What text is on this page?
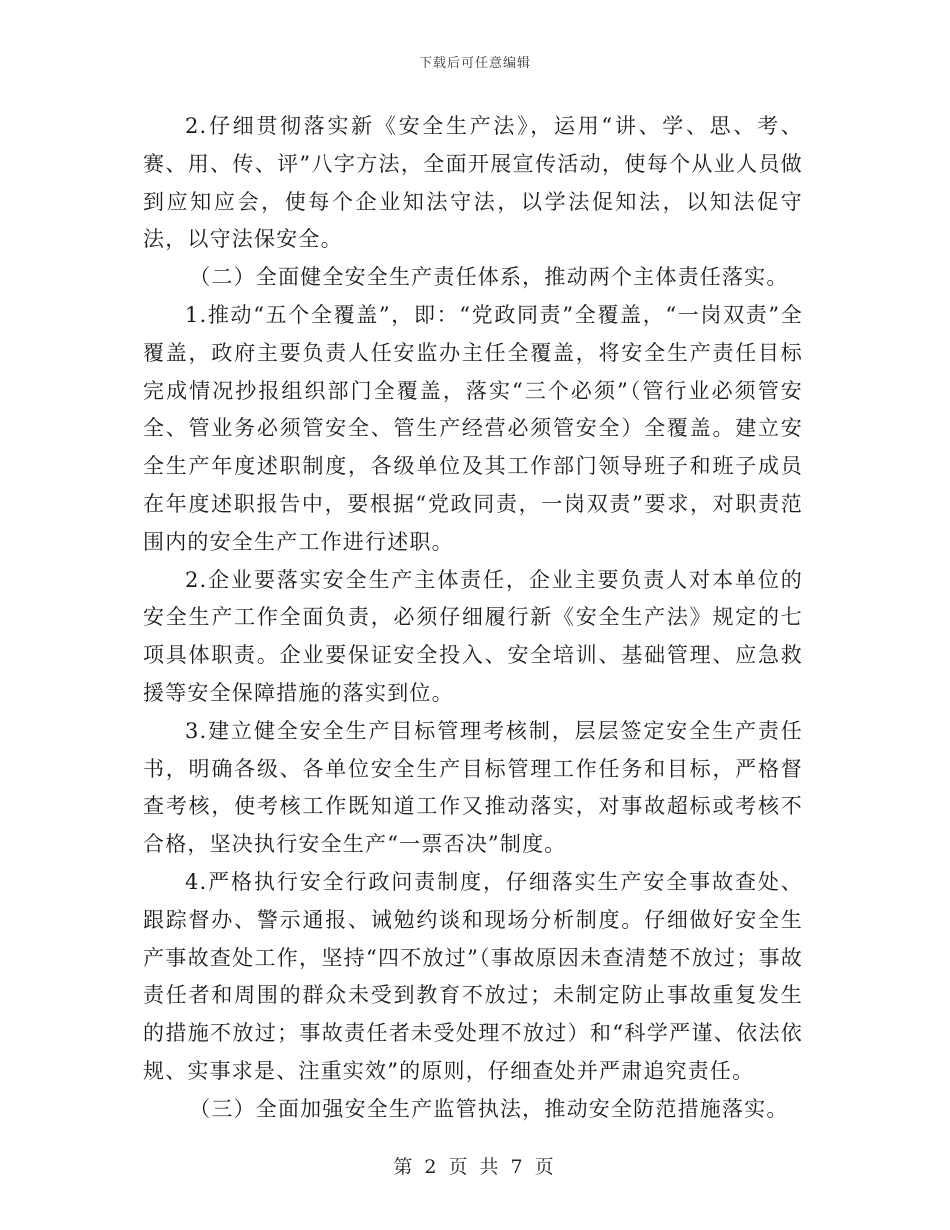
下载后可任意编辑

2.仔细贯彻落实新《安全生产法》，运用“讲、学、思、考、赛、用、传、评”八字方法，全面开展宣传活动，使每个从业人员做到应知应会，使每个企业知法守法，以学法促知法，以知法促守法，以守法保安全。

（二）全面健全安全生产责任体系，推动两个主体责任落实。

1.推动“五个全覆盖”，即：“党政同责”全覆盖，“一岗双责”全覆盖，政府主要负责人任安监办主任全覆盖，将安全生产责任目标完成情况抄报组织部门全覆盖，落实“三个必须”（管行业必须管安全、管业务必须管安全、管生产经营必须管安全）全覆盖。建立安全生产年度述职制度，各级单位及其工作部门领导班子和班子成员在年度述职报告中，要根据“党政同责，一岗双责”要求，对职责范围内的安全生产工作进行述职。

2.企业要落实安全生产主体责任，企业主要负责人对本单位的安全生产工作全面负责，必须仔细履行新《安全生产法》规定的七项具体职责。企业要保证安全投入、安全培训、基础管理、应急救援等安全保障措施的落实到位。

3.建立健全安全生产目标管理考核制，层层签定安全生产责任书，明确各级、各单位安全生产目标管理工作任务和目标，严格督查考核，使考核工作既知道工作又推动落实，对事故超标或考核不合格，坚决执行安全生产“一票否决”制度。

4.严格执行安全行政问责制度，仔细落实生产安全事故查处、跟踪督办、警示通报、诫勉约谈和现场分析制度。仔细做好安全生产事故查处工作，坚持“四不放过”（事故原因未查清楚不放过；事故责任者和周围的群众未受到教育不放过；未制定防止事故重复发生的措施不放过；事故责任者未受处理不放过）和“科学严谨、依法依规、实事求是、注重实效”的原则，仔细查处并严肃追究责任。

（三）全面加强安全生产监管执法，推动安全防范措施落实。

第 2 页 共 7 页
